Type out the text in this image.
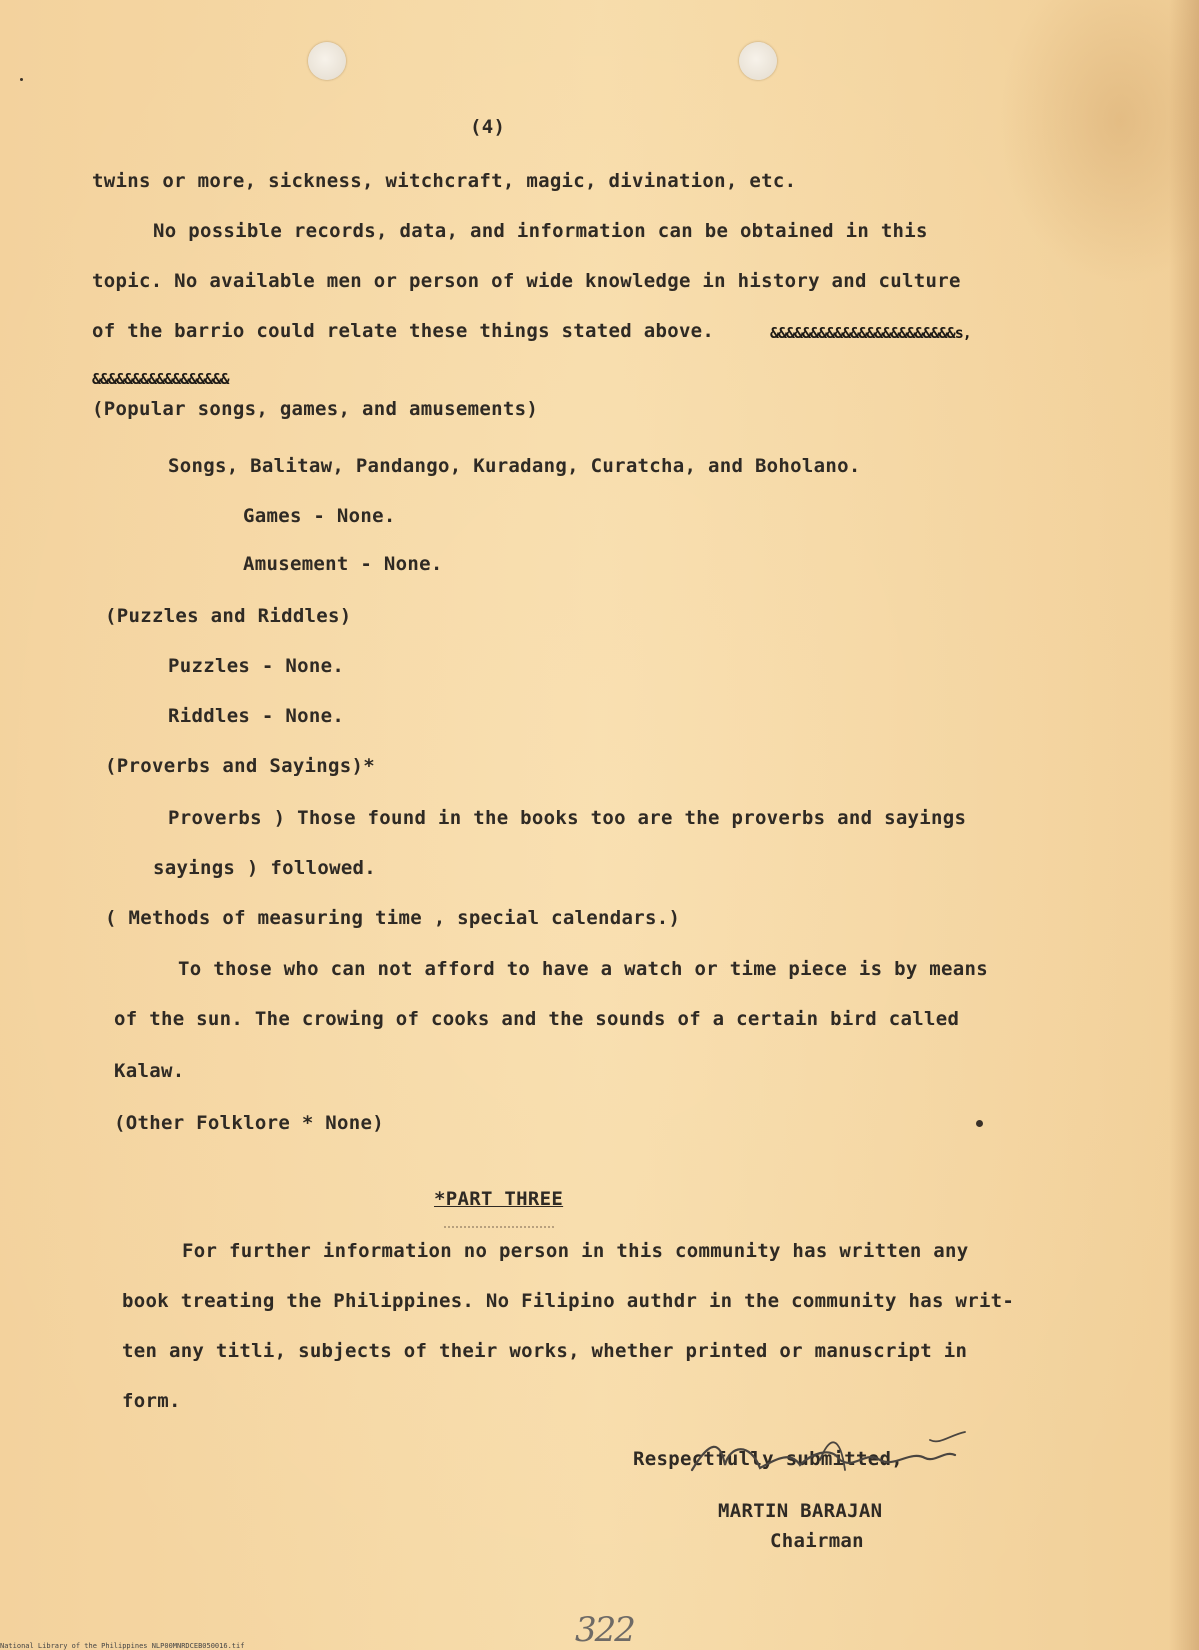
(4)
twins or more, sickness, witchcraft, magic, divination, etc.
No possible records, data, and information can be obtained in this
topic. No available men or person of wide knowledge in history and culture
of the barrio could relate these things stated above.	&&&&&&&&&&&&&&&&&&&&&&&s,
&&&&&&&&&&&&&&&&&
(Popular songs, games, and amusements)
Songs, Balitaw, Pandango, Kuradang, Curatcha, and Boholano.
Games - None.
Amusement - None.
(Puzzles and Riddles)
Puzzles - None.
Riddles - None.
(Proverbs and Sayings)*
Proverbs ) Those found in the books too are the proverbs and sayings
sayings ) followed.
( Methods of measuring time , special calendars.)
To those who can not afford to have a watch or time piece is by means
of the sun. The crowing of cooks and the sounds of a certain bird called
Kalaw.
(Other Folklore * None)
*PART THREE
For further information no person in this community has written any
book treating the Philippines. No Filipino authdr in the community has writ-
ten any titli, subjects of their works, whether printed or manuscript in
form.
Respectfully submitted,
MARTIN BARAJAN
Chairman
322
National Library of the Philippines NLP00MNRDCEB050016.tif
